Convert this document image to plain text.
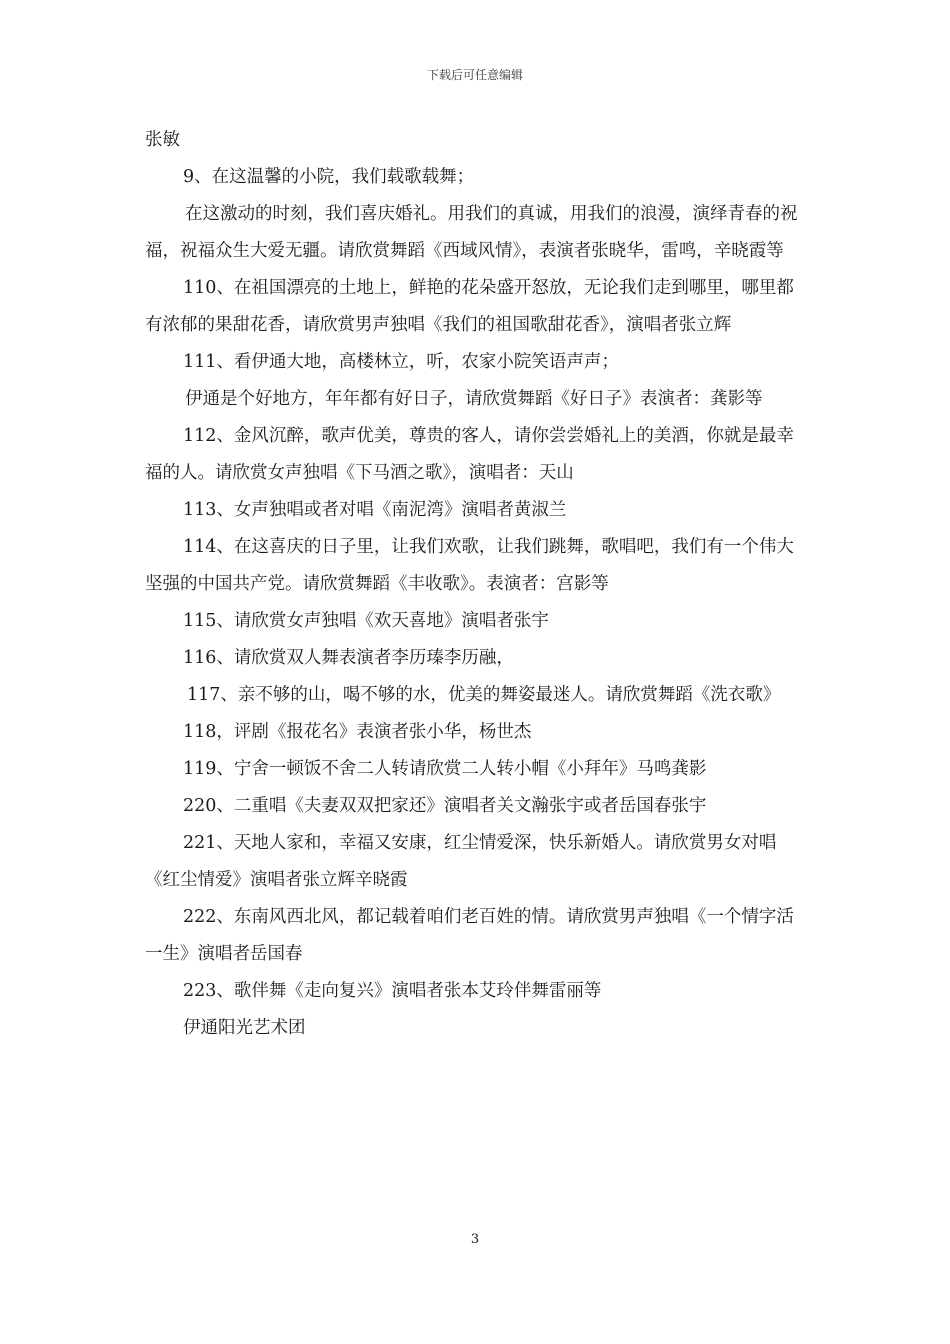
下载后可任意编辑

张敏

9、在这温馨的小院，我们载歌载舞；

在这激动的时刻，我们喜庆婚礼。用我们的真诚，用我们的浪漫，演绎青春的祝福，祝福众生大爱无疆。请欣赏舞蹈《西域风情》，表演者张晓华，雷鸣，辛晓霞等

110、在祖国漂亮的土地上，鲜艳的花朵盛开怒放，无论我们走到哪里，哪里都有浓郁的果甜花香，请欣赏男声独唱《我们的祖国歌甜花香》，演唱者张立辉

111、看伊通大地，高楼林立，听，农家小院笑语声声；

伊通是个好地方，年年都有好日子，请欣赏舞蹈《好日子》表演者：龚影等

112、金风沉醉，歌声优美，尊贵的客人，请你尝尝婚礼上的美酒，你就是最幸福的人。请欣赏女声独唱《下马酒之歌》，演唱者：天山

113、女声独唱或者对唱《南泥湾》演唱者黄淑兰

114、在这喜庆的日子里，让我们欢歌，让我们跳舞，歌唱吧，我们有一个伟大坚强的中国共产党。请欣赏舞蹈《丰收歌》。表演者：宫影等

115、请欣赏女声独唱《欢天喜地》演唱者张宇

116、请欣赏双人舞表演者李历瑧李历融，

117、亲不够的山，喝不够的水，优美的舞姿最迷人。请欣赏舞蹈《洗衣歌》

118，评剧《报花名》表演者张小华，杨世杰

119、宁舍一顿饭不舍二人转请欣赏二人转小帽《小拜年》马鸣龚影

220、二重唱《夫妻双双把家还》演唱者关文瀚张宇或者岳国春张宇

221、天地人家和，幸福又安康，红尘情爱深，快乐新婚人。请欣赏男女对唱《红尘情爱》演唱者张立辉辛晓霞

222、东南风西北风，都记载着咱们老百姓的情。请欣赏男声独唱《一个情字活一生》演唱者岳国春

223、歌伴舞《走向复兴》演唱者张本艾玲伴舞雷丽等

伊通阳光艺术团

3
